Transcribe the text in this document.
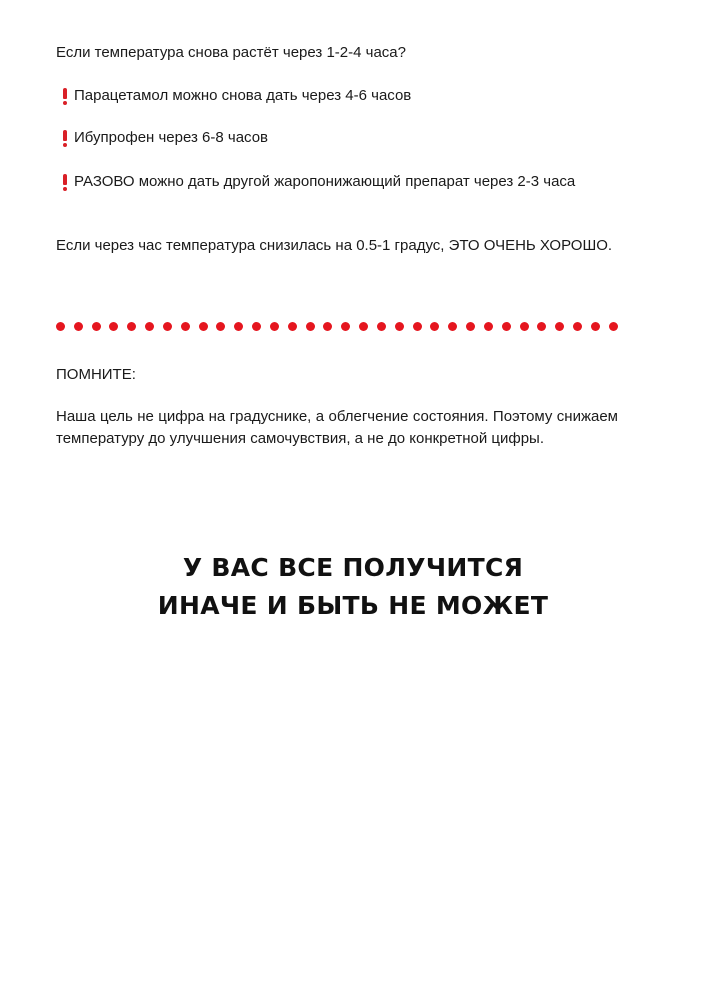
Если температура снова растёт через 1-2-4 часа?
Парацетамол можно снова дать через 4-6 часов
Ибупрофен через 6-8 часов
РАЗОВО можно дать другой жаропонижающий препарат через 2-3 часа
Если через час температура снизилась на 0.5-1 градус, ЭТО ОЧЕНЬ ХОРОШО.
ПОМНИТЕ:
Наша цель не цифра на градуснике, а облегчение состояния. Поэтому снижаем температуру до улучшения самочувствия, а не до конкретной цифры.
У ВАС ВСЕ ПОЛУЧИТСЯ
ИНАЧЕ И БЫТЬ НЕ МОЖЕТ
